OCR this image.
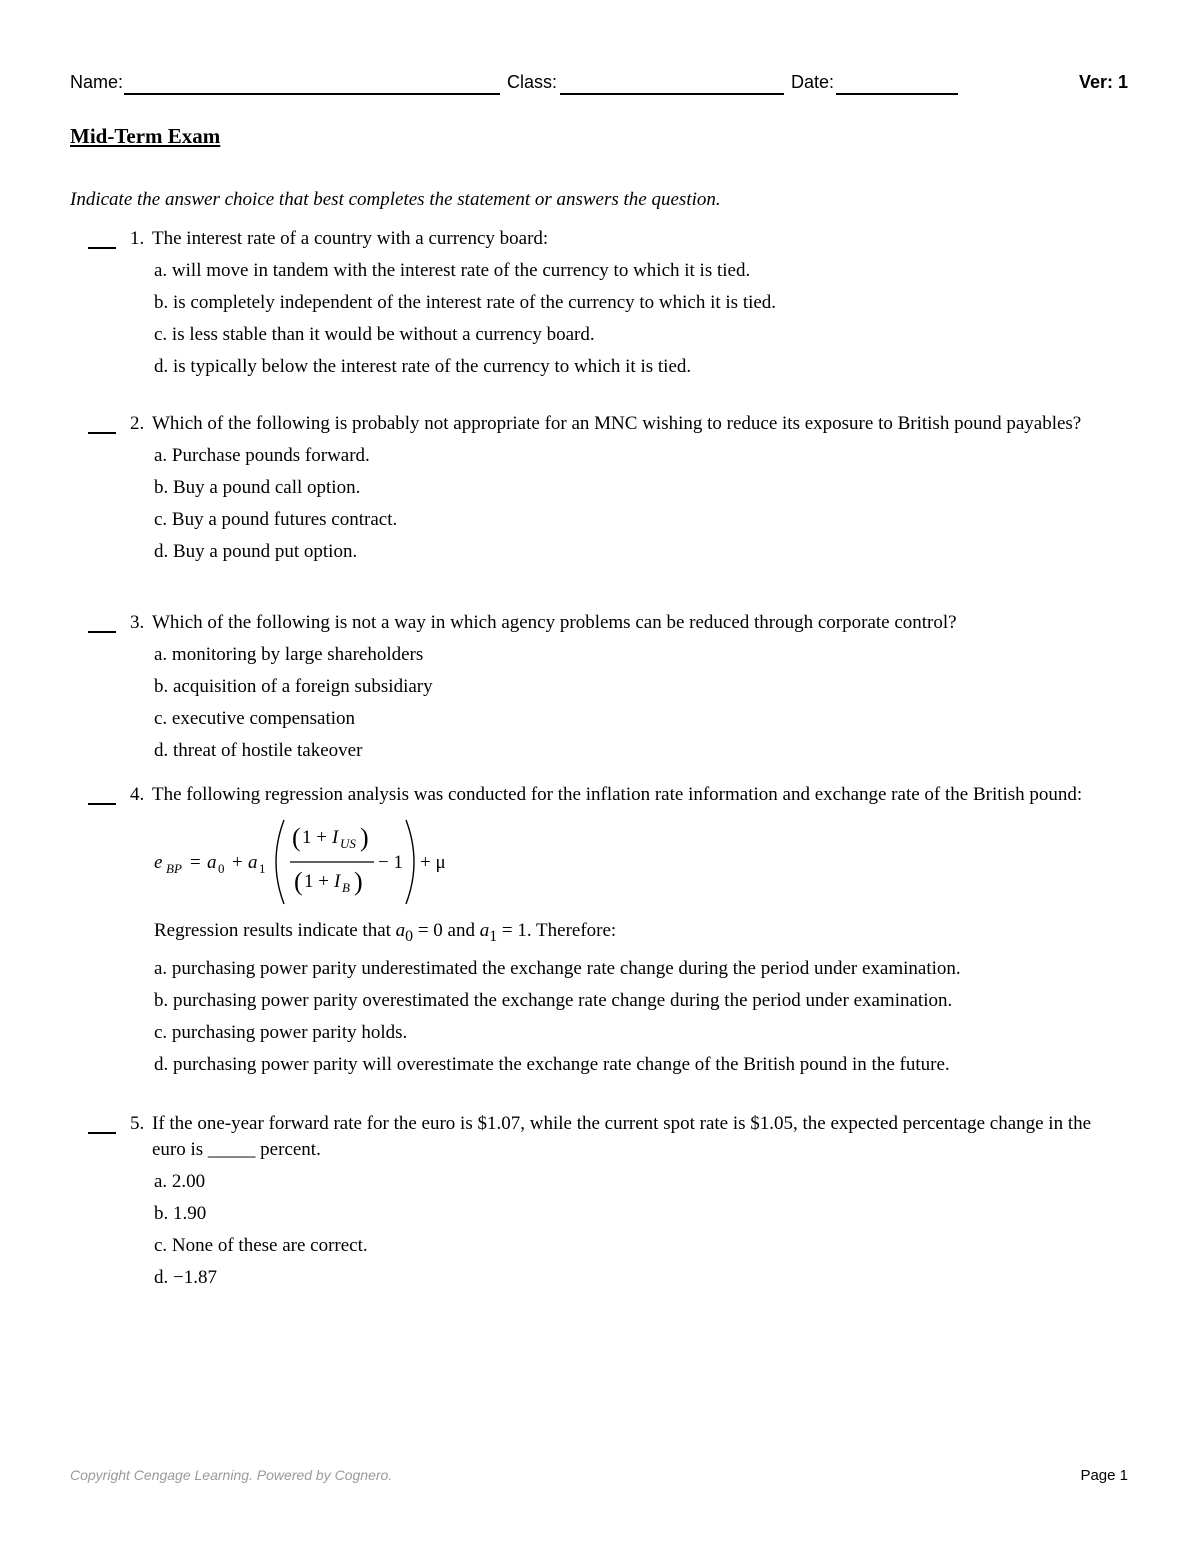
Name:	Class:	Date:	Ver: 1
Mid-Term Exam
Indicate the answer choice that best completes the statement or answers the question.
1. The interest rate of a country with a currency board:
a. will move in tandem with the interest rate of the currency to which it is tied.
b. is completely independent of the interest rate of the currency to which it is tied.
c. is less stable than it would be without a currency board.
d. is typically below the interest rate of the currency to which it is tied.
2. Which of the following is probably not appropriate for an MNC wishing to reduce its exposure to British pound payables?
a. Purchase pounds forward.
b. Buy a pound call option.
c. Buy a pound futures contract.
d. Buy a pound put option.
3. Which of the following is not a way in which agency problems can be reduced through corporate control?
a. monitoring by large shareholders
b. acquisition of a foreign subsidiary
c. executive compensation
d. threat of hostile takeover
4. The following regression analysis was conducted for the inflation rate information and exchange rate of the British pound:
e BP = a 0 + a 1
( 1 + I US )
( 1 + I B )
− 1 + μ
Regression results indicate that $a_0 = 0$ and $a_1 = 1$. Therefore:
a. purchasing power parity underestimated the exchange rate change during the period under examination.
b. purchasing power parity overestimated the exchange rate change during the period under examination.
c. purchasing power parity holds.
d. purchasing power parity will overestimate the exchange rate change of the British pound in the future.
5. If the one-year forward rate for the euro is $1.07, while the current spot rate is $1.05, the expected percentage change in the euro is _____ percent.
a. 2.00
b. 1.90
c. None of these are correct.
d. −1.87
Copyright Cengage Learning. Powered by Cognero.	Page 1
